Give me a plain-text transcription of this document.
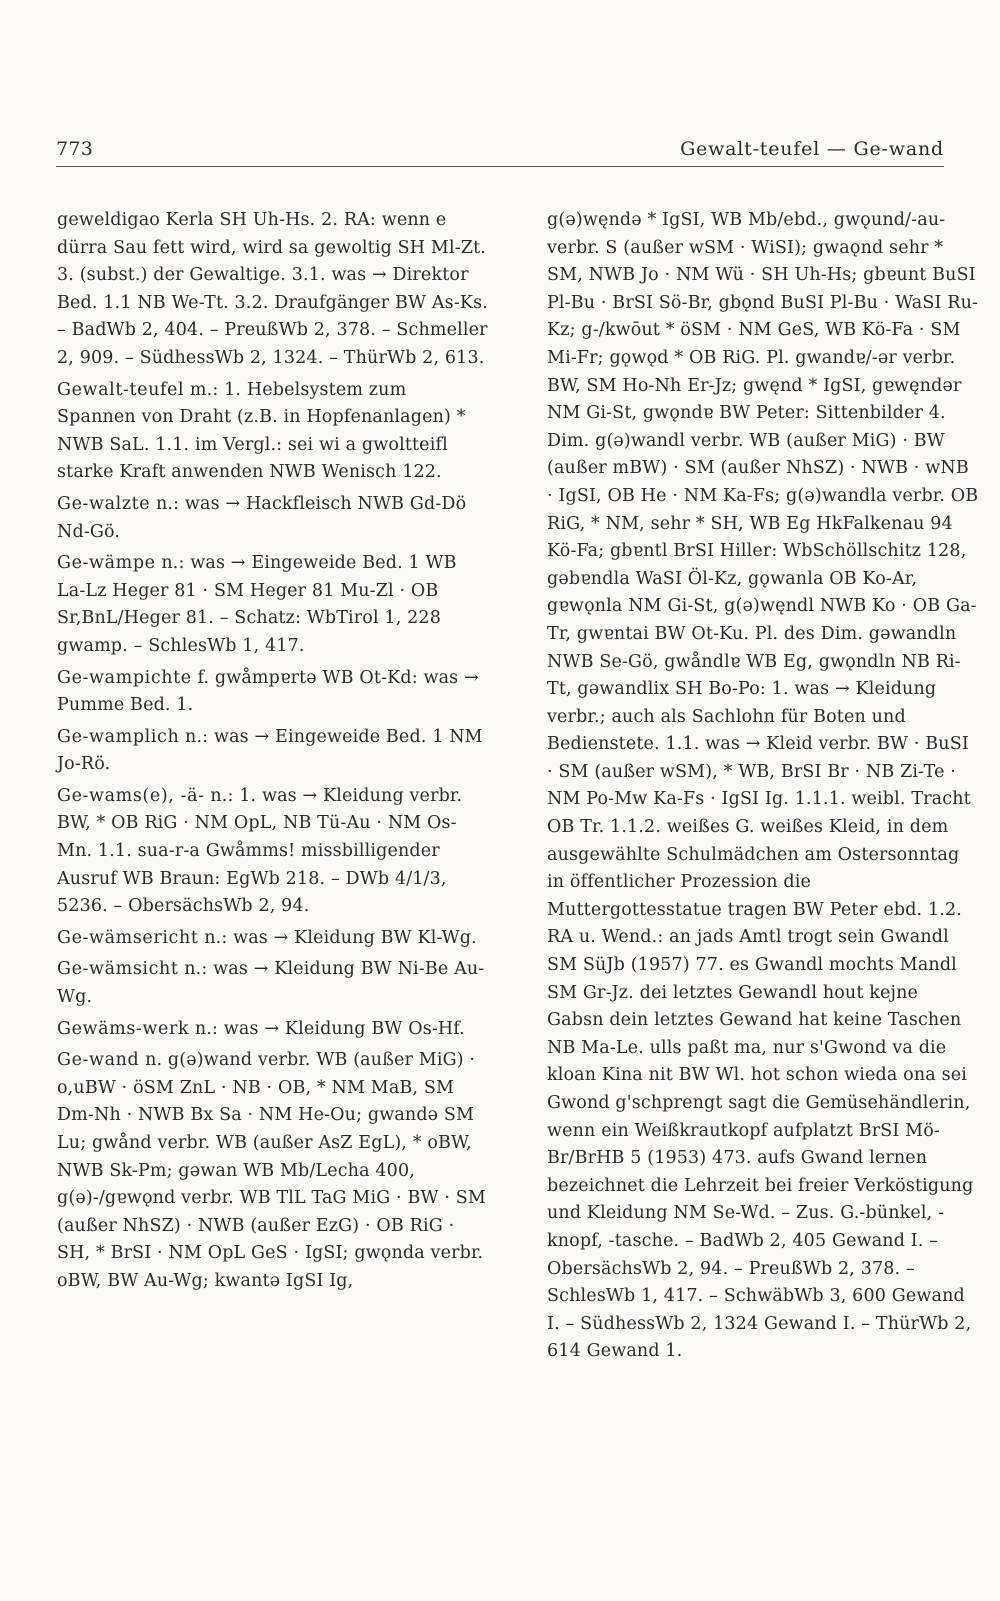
773	Gewalt-teufel — Ge-wand

geweldigao Kerla SH Uh-Hs. 2. RA: wenn e dürra Sau fett wird, wird sa gewoltig SH Ml-Zt. 3. (subst.) der Gewaltige. 3.1. was → Direktor Bed. 1.1 NB We-Tt. 3.2. Draufgänger BW As-Ks. – BadWb 2, 404. – PreußWb 2, 378. – Schmeller 2, 909. – SüdhessWb 2, 1324. – ThürWb 2, 613.

Gewalt-teufel m.: 1. Hebelsystem zum Spannen von Draht (z.B. in Hopfenanlagen) * NWB SaL. 1.1. im Vergl.: sei wi a gwoltteifl starke Kraft anwenden NWB Wenisch 122.

Ge-walzte n.: was → Hackfleisch NWB Gd-Dö Nd-Gö.

Ge-wämpe n.: was → Eingeweide Bed. 1 WB La-Lz Heger 81 · SM Heger 81 Mu-Zl · OB Sr,BnL/Heger 81. – Schatz: WbTirol 1, 228 gwamp. – SchlesWb 1, 417.

Ge-wampichte f. gwåmpɐrtə WB Ot-Kd: was → Pumme Bed. 1.

Ge-wamplich n.: was → Eingeweide Bed. 1 NM Jo-Rö.

Ge-wams(e), -ä- n.: 1. was → Kleidung verbr. BW, * OB RiG · NM OpL, NB Tü-Au · NM Os-Mn. 1.1. sua-r-a Gwåmms! missbilligender Ausruf WB Braun: EgWb 218. – DWb 4/1/3, 5236. – ObersächsWb 2, 94.

Ge-wämsericht n.: was → Kleidung BW Kl-Wg.

Ge-wämsicht n.: was → Kleidung BW Ni-Be Au-Wg.

Gewäms-werk n.: was → Kleidung BW Os-Hf.

Ge-wand n. g(ə)wand verbr. WB (außer MiG) · o,uBW · öSM ZnL · NB · OB, * NM MaB, SM Dm-Nh · NWB Bx Sa · NM He-Ou; gwandə SM Lu; gwånd verbr. WB (außer AsZ EgL), * oBW, NWB Sk-Pm; gəwan WB Mb/Lecha 400, g(ə)-/gɐwǫnd verbr. WB TlL TaG MiG · BW · SM (außer NhSZ) · NWB (außer EzG) · OB RiG · SH, * BrSI · NM OpL GeS · IgSI; gwǫnda verbr. oBW, BW Au-Wg; kwantə IgSI Ig,

g(ə)węndə * IgSI, WB Mb/ebd., gwǫund/-au- verbr. S (außer wSM · WiSI); gwaǫnd sehr * SM, NWB Jo · NM Wü · SH Uh-Hs; gbɐunt BuSI Pl-Bu · BrSI Sö-Br, gbǫnd BuSI Pl-Bu · WaSI Ru-Kz; g-/kwōut * öSM · NM GeS, WB Kö-Fa · SM Mi-Fr; gǫwǫd * OB RiG. Pl. gwandɐ/-ər verbr. BW, SM Ho-Nh Er-Jz; gwęnd * IgSI, gɐwęndər NM Gi-St, gwǫndɐ BW Peter: Sittenbilder 4. Dim. g(ə)wandl verbr. WB (außer MiG) · BW (außer mBW) · SM (außer NhSZ) · NWB · wNB · IgSI, OB He · NM Ka-Fs; g(ə)wandla verbr. OB RiG, * NM, sehr * SH, WB Eg HkFalkenau 94 Kö-Fa; gbɐntl BrSI Hiller: WbSchöllschitz 128, gəbɐndla WaSI Öl-Kz, gǫwanla OB Ko-Ar, gɐwǫnla NM Gi-St, g(ə)węndl NWB Ko · OB Ga-Tr, gwɐntai BW Ot-Ku. Pl. des Dim. gəwandln NWB Se-Gö, gwåndlɐ WB Eg, gwǫndln NB Ri-Tt, gəwandlix SH Bo-Po: 1. was → Kleidung verbr.; auch als Sachlohn für Boten und Bedienstete. 1.1. was → Kleid verbr. BW · BuSI · SM (außer wSM), * WB, BrSI Br · NB Zi-Te · NM Po-Mw Ka-Fs · IgSI Ig. 1.1.1. weibl. Tracht OB Tr. 1.1.2. weißes G. weißes Kleid, in dem ausgewählte Schulmädchen am Ostersonntag in öffentlicher Prozession die Muttergottesstatue tragen BW Peter ebd. 1.2. RA u. Wend.: an jads Amtl trogt sein Gwandl SM SüJb (1957) 77. es Gwandl mochts Mandl SM Gr-Jz. dei letztes Gewandl hout kejne Gabsn dein letztes Gewand hat keine Taschen NB Ma-Le. ulls paßt ma, nur s'Gwond va die kloan Kina nit BW Wl. hot schon wieda ona sei Gwond g'schprengt sagt die Gemüsehändlerin, wenn ein Weißkrautkopf aufplatzt BrSI Mö-Br/BrHB 5 (1953) 473. aufs Gwand lernen bezeichnet die Lehrzeit bei freier Verköstigung und Kleidung NM Se-Wd. – Zus. G.-bünkel, -knopf, -tasche. – BadWb 2, 405 Gewand I. – ObersächsWb 2, 94. – PreußWb 2, 378. – SchlesWb 1, 417. – SchwäbWb 3, 600 Gewand I. – SüdhessWb 2, 1324 Gewand I. – ThürWb 2, 614 Gewand 1.
